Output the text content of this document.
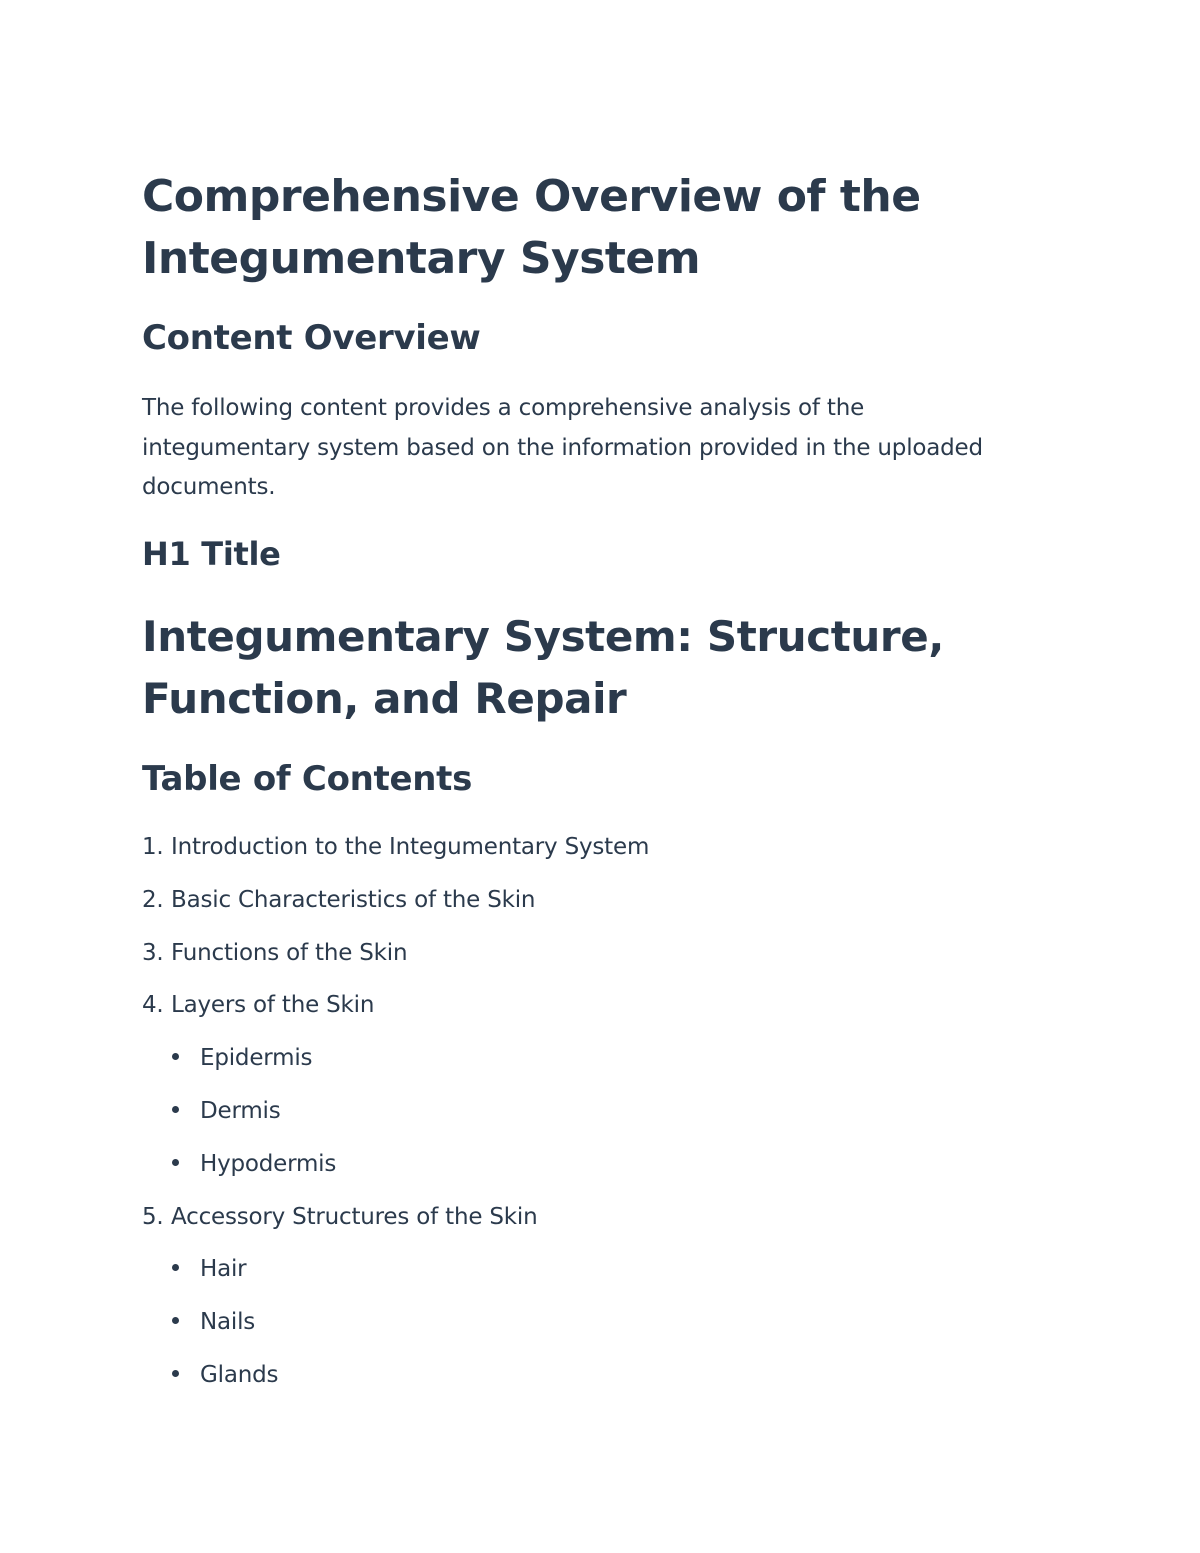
Comprehensive Overview of the
Integumentary System
Content Overview

The following content provides a comprehensive analysis of the
integumentary system based on the information provided in the uploaded
documents.

H1 Title
Integumentary System: Structure,
Function, and Repair
Table of Contents
1. Introduction to the Integumentary System
2. Basic Characteristics of the Skin
3. Functions of the Skin
4. Layers of the Skin
Epidermis
Dermis
Hypodermis
5. Accessory Structures of the Skin
Hair
Nails
Glands
